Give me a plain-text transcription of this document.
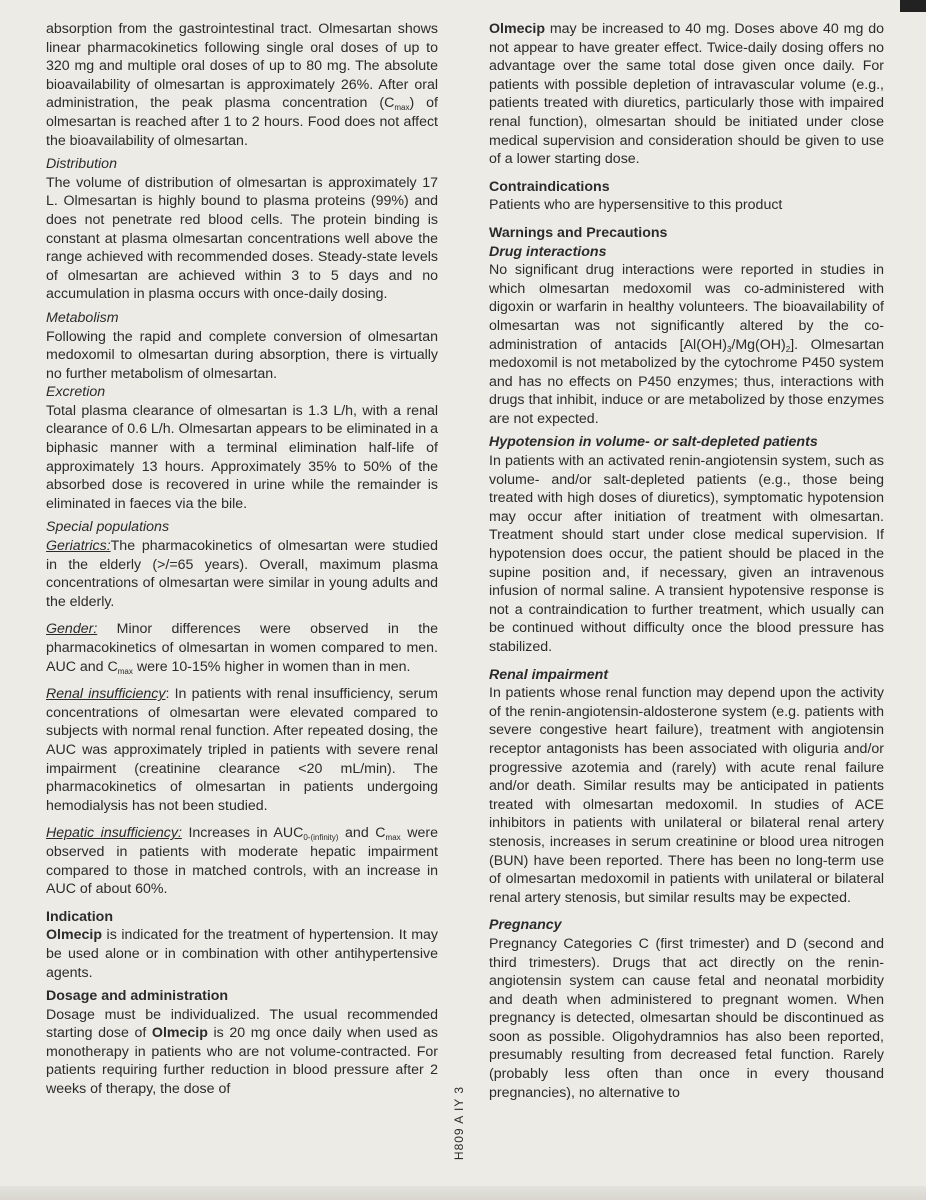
absorption from the gastrointestinal tract. Olmesartan shows linear pharmacokinetics following single oral doses of up to 320 mg and multiple oral doses of up to 80 mg. The absolute bioavailability of olmesartan is approximately 26%. After oral administration, the peak plasma concentration $(C_{max})$ of olmesartan is reached after 1 to 2 hours. Food does not affect the bioavailability of olmesartan.

Distribution

The volume of distribution of olmesartan is approximately 17 L. Olmesartan is highly bound to plasma proteins (99%) and does not penetrate red blood cells. The protein binding is constant at plasma olmesartan concentrations well above the range achieved with recommended doses. Steady-state levels of olmesartan are achieved within 3 to 5 days and no accumulation in plasma occurs with once-daily dosing.

Metabolism

Following the rapid and complete conversion of olmesartan medoxomil to olmesartan during absorption, there is virtually no further metabolism of olmesartan.

Excretion

Total plasma clearance of olmesartan is 1.3 L/h, with a renal clearance of 0.6 L/h. Olmesartan appears to be eliminated in a biphasic manner with a terminal elimination half-life of approximately 13 hours. Approximately 35% to 50% of the absorbed dose is recovered in urine while the remainder is eliminated in faeces via the bile.

Special populations

Geriatrics:The pharmacokinetics of olmesartan were studied in the elderly (>/=65 years). Overall, maximum plasma concentrations of olmesartan were similar in young adults and the elderly.

Gender: Minor differences were observed in the pharmacokinetics of olmesartan in women compared to men. AUC and $C_{max}$ were 10-15% higher in women than in men.

Renal insufficiency: In patients with renal insufficiency, serum concentrations of olmesartan were elevated compared to subjects with normal renal function. After repeated dosing, the AUC was approximately tripled in patients with severe renal impairment (creatinine clearance <20 mL/min). The pharmacokinetics of olmesartan in patients undergoing hemodialysis has not been studied.

Hepatic insufficiency: Increases in $AUC_{0-(infinity)}$ and $C_{max}$ were observed in patients with moderate hepatic impairment compared to those in matched controls, with an increase in AUC of about 60%.

Indication

Olmecip is indicated for the treatment of hypertension. It may be used alone or in combination with other antihypertensive agents.

Dosage and administration

Dosage must be individualized. The usual recommended starting dose of Olmecip is 20 mg once daily when used as monotherapy in patients who are not volume-contracted. For patients requiring further reduction in blood pressure after 2 weeks of therapy, the dose of	H809 A IY 3

Olmecip may be increased to 40 mg. Doses above 40 mg do not appear to have greater effect. Twice-daily dosing offers no advantage over the same total dose given once daily. For patients with possible depletion of intravascular volume (e.g., patients treated with diuretics, particularly those with impaired renal function), olmesartan should be initiated under close medical supervision and consideration should be given to use of a lower starting dose.

Contraindications

Patients who are hypersensitive to this product

Warnings and Precautions

Drug interactions

No significant drug interactions were reported in studies in which olmesartan medoxomil was co-administered with digoxin or warfarin in healthy volunteers. The bioavailability of olmesartan was not significantly altered by the co-administration of antacids $[Al(OH)_3/Mg(OH)_2]$. Olmesartan medoxomil is not metabolized by the cytochrome P450 system and has no effects on P450 enzymes; thus, interactions with drugs that inhibit, induce or are metabolized by those enzymes are not expected.

Hypotension in volume- or salt-depleted patients

In patients with an activated renin-angiotensin system, such as volume- and/or salt-depleted patients (e.g., those being treated with high doses of diuretics), symptomatic hypotension may occur after initiation of treatment with olmesartan. Treatment should start under close medical supervision. If hypotension does occur, the patient should be placed in the supine position and, if necessary, given an intravenous infusion of normal saline. A transient hypotensive response is not a contraindication to further treatment, which usually can be continued without difficulty once the blood pressure has stabilized.

Renal impairment

In patients whose renal function may depend upon the activity of the renin-angiotensin-aldosterone system (e.g. patients with severe congestive heart failure), treatment with angiotensin receptor antagonists has been associated with oliguria and/or progressive azotemia and (rarely) with acute renal failure and/or death. Similar results may be anticipated in patients treated with olmesartan medoxomil. In studies of ACE inhibitors in patients with unilateral or bilateral renal artery stenosis, increases in serum creatinine or blood urea nitrogen (BUN) have been reported. There has been no long-term use of olmesartan medoxomil in patients with unilateral or bilateral renal artery stenosis, but similar results may be expected.

Pregnancy

Pregnancy Categories C (first trimester) and D (second and third trimesters). Drugs that act directly on the renin-angiotensin system can cause fetal and neonatal morbidity and death when administered to pregnant women. When pregnancy is detected, olmesartan should be discontinued as soon as possible. Oligohydramnios has also been reported, presumably resulting from decreased fetal function. Rarely (probably less often than once in every thousand pregnancies), no alternative to
